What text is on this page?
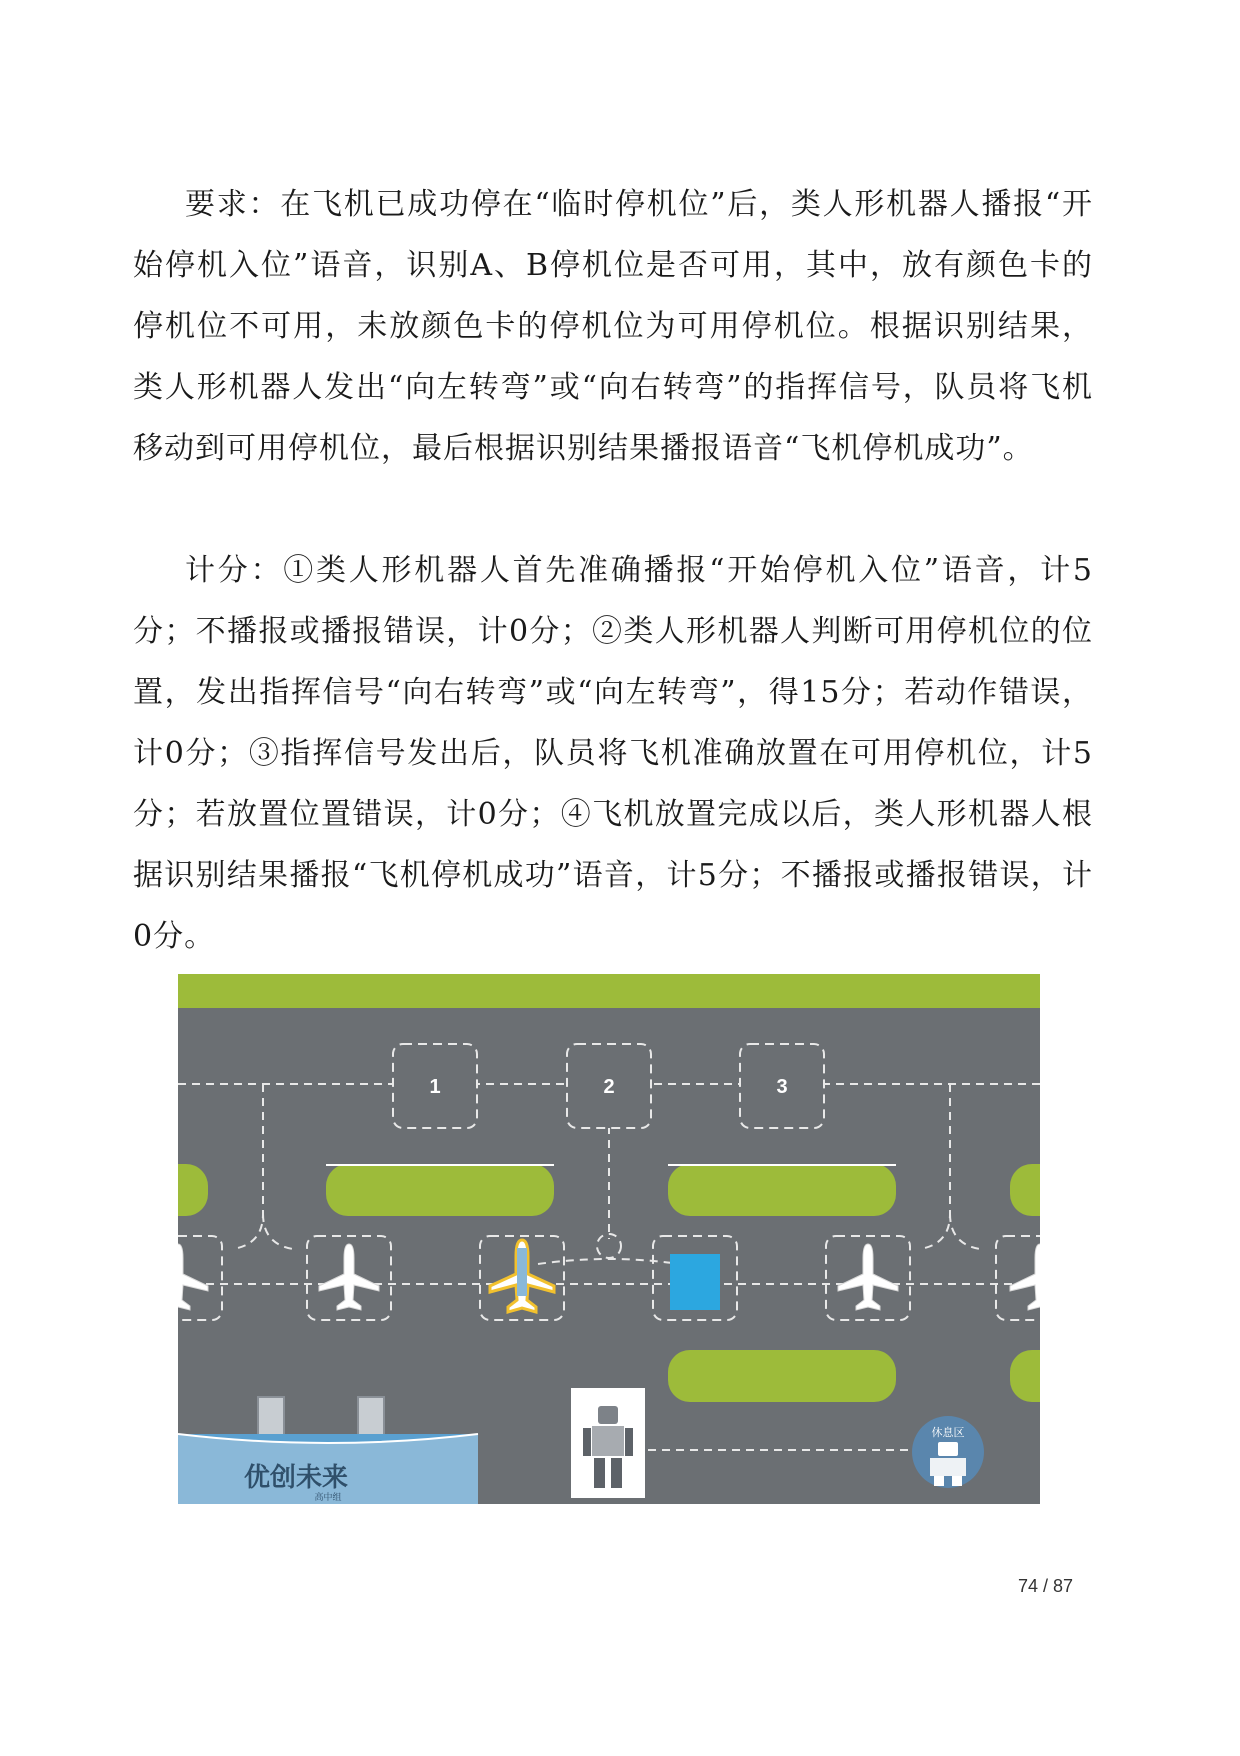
要求：在飞机已成功停在“临时停机位”后，类人形机器人播报“开始停机入位”语音，识别A、B停机位是否可用，其中，放有颜色卡的停机位不可用，未放颜色卡的停机位为可用停机位。根据识别结果，类人形机器人发出“向左转弯”或“向右转弯”的指挥信号，队员将飞机移动到可用停机位，最后根据识别结果播报语音“飞机停机成功”。

计分：①类人形机器人首先准确播报“开始停机入位”语音，计5分；不播报或播报错误，计0分；②类人形机器人判断可用停机位的位置，发出指挥信号“向右转弯”或“向左转弯”，得15分；若动作错误，计0分；③指挥信号发出后，队员将飞机准确放置在可用停机位，计5分；若放置位置错误，计0分；④飞机放置完成以后，类人形机器人根据识别结果播报“飞机停机成功”语音，计5分；不播报或播报错误，计0分。

1	2	3
优创未来
高中组
休息区
74 / 87
